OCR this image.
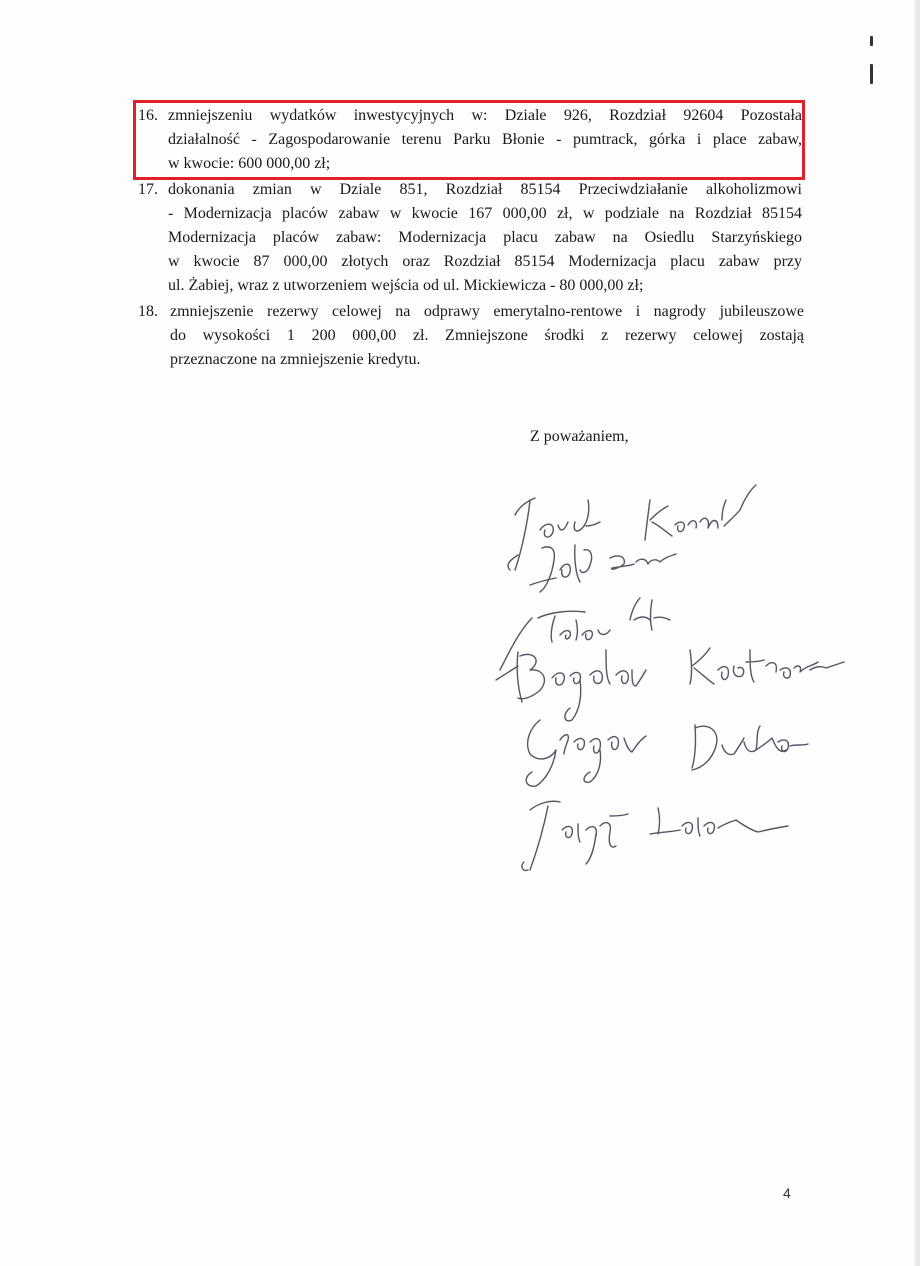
16. zmniejszeniu wydatków inwestycyjnych w: Dziale 926, Rozdział 92604 Pozostała
działalność - Zagospodarowanie terenu Parku Błonie - pumtrack, górka i place zabaw,
w kwocie: 600 000,00 zł;
17. dokonania zmian w Dziale 851, Rozdział 85154 Przeciwdziałanie alkoholizmowi
- Modernizacja placów zabaw w kwocie 167 000,00 zł, w podziale na Rozdział 85154
Modernizacja placów zabaw: Modernizacja placu zabaw na Osiedlu Starzyńskiego
w kwocie 87 000,00 złotych oraz Rozdział 85154 Modernizacja placu zabaw przy
ul. Żabiej, wraz z utworzeniem wejścia od ul. Mickiewicza - 80 000,00 zł;
18. zmniejszenie rezerwy celowej na odprawy emerytalno-rentowe i nagrody jubileuszowe
do wysokości 1 200 000,00 zł. Zmniejszone środki z rezerwy celowej zostają
przeznaczone na zmniejszenie kredytu.
Z poważaniem,
4
